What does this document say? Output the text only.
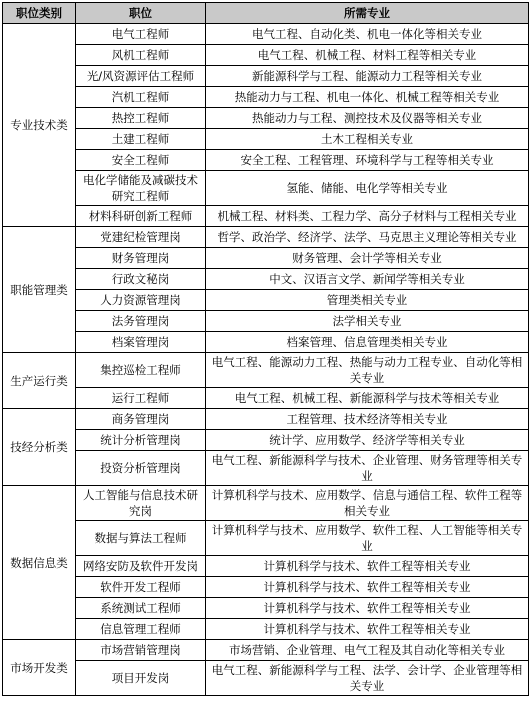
职位类别	职位	所需专业
专业技术类	电气工程师	电气工程、自动化类、机电一体化等相关专业
	风机工程师	电气工程、机械工程、材料工程等相关专业
	光/风资源评估工程师	新能源科学与工程、能源动力工程等相关专业
	汽机工程师	热能动力与工程、机电一体化、机械工程等相关专业
	热控工程师	热能动力与工程、测控技术及仪器等相关专业
	土建工程师	土木工程相关专业
	安全工程师	安全工程、工程管理、环境科学与工程等相关专业
	电化学储能及减碳技术研究工程师	氢能、储能、电化学等相关专业
	材料科研创新工程师	机械工程、材料类、工程力学、高分子材料与工程相关专业
职能管理类	党建纪检管理岗	哲学、政治学、经济学、法学、马克思主义理论等相关专业
	财务管理岗	财务管理、会计学等相关专业
	行政文秘岗	中文、汉语言文学、新闻学等相关专业
	人力资源管理岗	管理类相关专业
	法务管理岗	法学相关专业
	档案管理岗	档案管理、信息管理类相关专业
生产运行类	集控巡检工程师	电气工程、能源动力工程、热能与动力工程专业、自动化等相关专业
	运行工程师	电气工程、机械工程、新能源科学与技术等相关专业
技经分析类	商务管理岗	工程管理、技术经济等相关专业
	统计分析管理岗	统计学、应用数学、经济学等相关专业
	投资分析管理岗	电气工程、新能源科学与技术、企业管理、财务管理等相关专业
数据信息类	人工智能与信息技术研究岗	计算机科学与技术、应用数学、信息与通信工程、软件工程等相关专业
	数据与算法工程师	计算机科学与技术、应用数学、软件工程、人工智能等相关专业
	网络安防及软件开发岗	计算机科学与技术、软件工程等相关专业
	软件开发工程师	计算机科学与技术、软件工程等相关专业
	系统测试工程师	计算机科学与技术、软件工程等相关专业
	信息管理工程师	计算机科学与技术、软件工程等相关专业
市场开发类	市场营销管理岗	市场营销、企业管理、电气工程及其自动化等相关专业
	项目开发岗	电气工程、新能源科学与工程、法学、会计学、企业管理等相关专业
